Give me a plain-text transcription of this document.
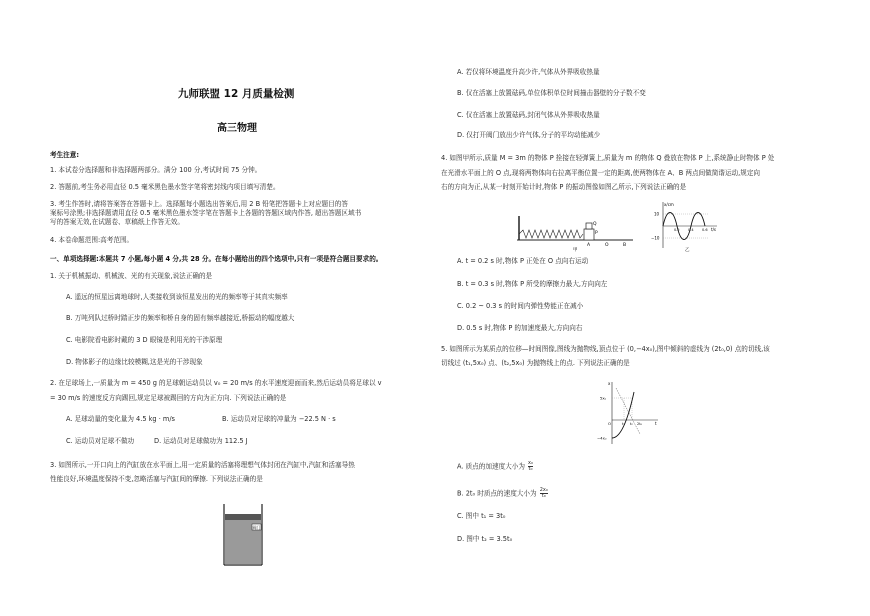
九师联盟 12 月质量检测
高三物理
考生注意:
1. 本试卷分选择题和非选择题两部分。满分 100 分,考试时间 75 分钟。
2. 答题前,考生务必用直径 0.5 毫米黑色墨水签字笔将密封线内项目填写清楚。
3. 考生作答时,请将答案答在答题卡上。选择题每小题选出答案后,用 2 B 铅笔把答题卡上对应题目的答
案标号涂黑;非选择题请用直径 0.5 毫米黑色墨水签字笔在答题卡上各题的答题区域内作答, 超出答题区域书
写的答案无效,在试题卷、草稿纸上作答无效。
4. 本卷命题范围:高考范围。
一、单项选择题:本题共 7 小题,每小题 4 分,共 28 分。在每小题给出的四个选项中,只有一项是符合题目要求的。
1. 关于机械振动、机械波、光的有关现象,说法正确的是
A. 遥远的恒星远离地球时,人类接收到该恒星发出的光的频率等于其真实频率
B. 万吨列队过桥时踏正步的频率和桥自身的固有频率越接近,桥振动的幅度越大
C. 电影院看电影时戴的 3 D 眼镜是利用光的干涉原理
D. 物体影子的边缘比较模糊,这是光的干涉现象
2. 在足球场上,一质量为 m = 450 g 的足球朝运动员以 v₀ = 20 m/s 的水平速度迎面而来,然后运动员将足球以 v
= 30 m/s 的速度反方向踢回,规定足球被踢回的方向为正方向. 下列说法正确的是
A. 足球动量的变化量为 4.5 kg · m/s	B. 运动员对足球的冲量为 −22.5 N · s
C. 运动员对足球不做功	D. 运动员对足球做功为 112.5 J
3. 如图所示,一开口向上的汽缸放在水平面上,用一定质量的活塞将理想气体封闭在汽缸中,汽缸和活塞导热
性能良好,环境温度保持不变,忽略活塞与汽缸间的摩擦. 下列说法正确的是
阀门
A. 若仅将环境温度升高少许,气体从外界吸收热量
B. 仅在活塞上放置砝码,单位体积单位时间撞击器壁的分子数不变
C. 仅在活塞上放置砝码,封闭气体从外界吸收热量
D. 仅打开阀门放出少许气体,分子的平均动能减少
4. 如图甲所示,质量 M = 3m 的物体 P 拴接在轻弹簧上,质量为 m 的物体 Q 叠放在物体 P 上,系统静止时物体 P 处
在光滑水平面上的 O 点,现将两物体向右拉离平衡位置一定的距离,使两物体在 A、B 两点间做简谐运动,规定向
右的方向为正,从某一时刻开始计时,物体 P 的振动图像如图乙所示,下列说法正确的是
P
Q
A	O	B
甲
x/cm
t/s
10
−10
0.2 0.4 0.6
乙
A. t = 0.2 s 时,物体 P 正处在 O 点向右运动
B. t = 0.3 s 时,物体 P 所受的摩擦力最大,方向向左
C. 0.2 ~ 0.3 s 的时间内弹性势能正在减小
D. 0.5 s 时,物体 P 的加速度最大,方向向右
5. 如图所示为某质点的位移—时间图像,图线为抛物线,顶点位于 (0,−4x₀),图中倾斜的虚线为 (2t₀,0) 点的切线,该
切线过 (t₁,5x₀) 点、(t₂,5x₀) 为抛物线上的点. 下列说法正确的是
x
t
5x₀
−4x₀
O	t₁ t₂ 2t₀
A. 质点的加速度大小为 $\frac{\text{x₀}}{\text{t₀}}$
B. 2t₀ 时质点的速度大小为 $\frac{\text{2x₀}}{\text{t₀}}$
C. 图中 t₁ = 3t₀
D. 图中 t₂ = 3.5t₀
